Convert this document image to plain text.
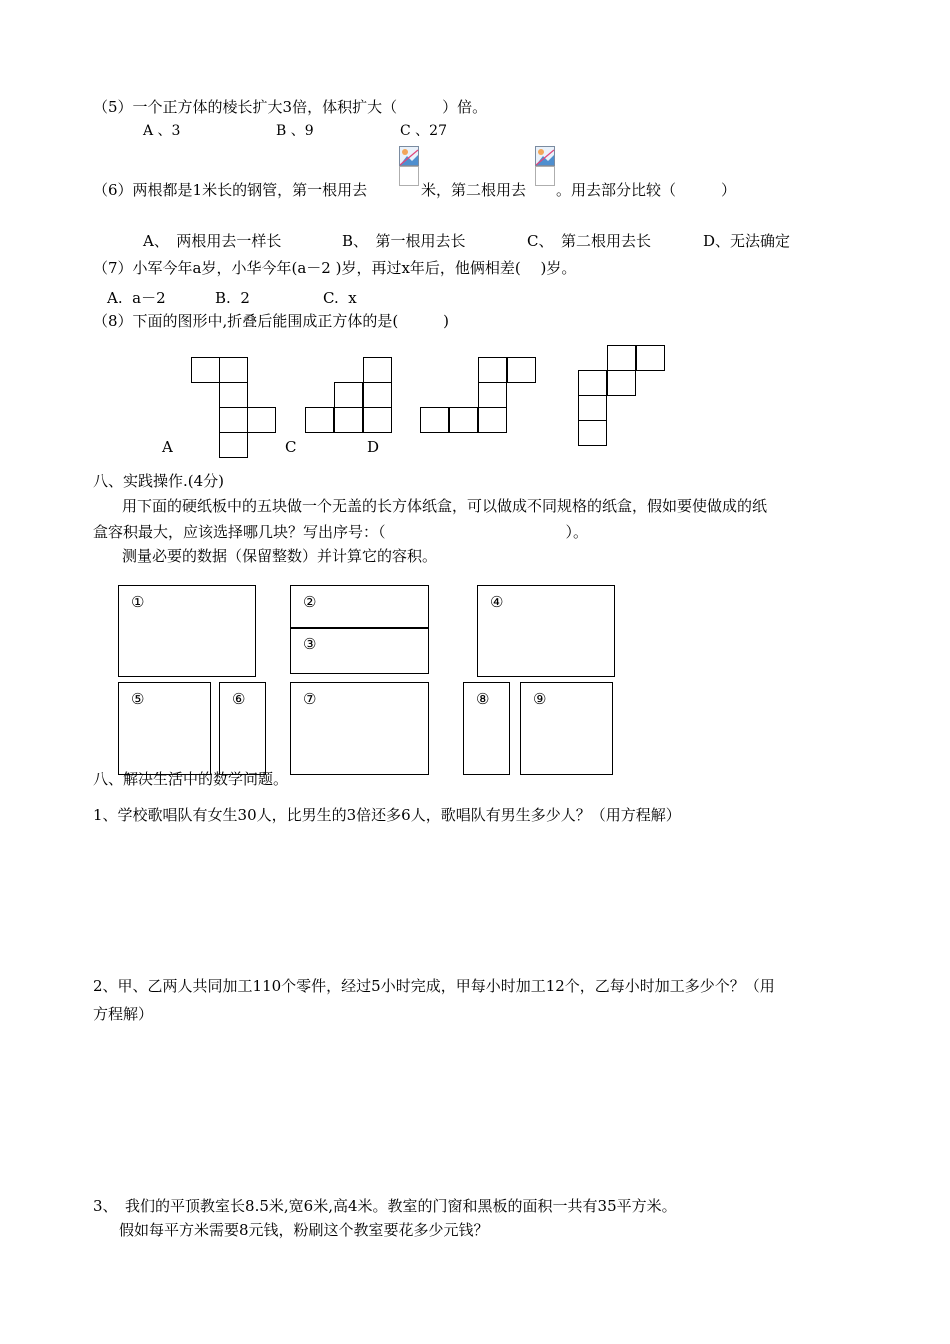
（5）一个正方体的棱长扩大3倍，体积扩大（　　　）倍。
A 、3	B 、9	C 、27
（6）两根都是1米长的钢管，第一根用去	米，第二根用去 。用去部分比较（　　　）
A、　两根用去一样长	B、　第一根用去长	C、　第二根用去长	D、无法确定
（7）小军今年a岁，小华今年(a－2 )岁，再过x年后，他俩相差(　 )岁。
A.  a－2	B.  2	C.  x
（8）下面的图形中,折叠后能围成正方体的是(　　　)
A	C	D
八、实践操作.(4分)
用下面的硬纸板中的五块做一个无盖的长方体纸盒，可以做成不同规格的纸盒，假如要使做成的纸
盒容积最大，应该选择哪几块？写出序号：（　　　　　　　　　　　　）。
测量必要的数据（保留整数）并计算它的容积。
①	②
③
④
⑤	⑥	⑦	⑧	⑨
八、解决生活中的数学问题。
1、学校歌唱队有女生30人，比男生的3倍还多6人，歌唱队有男生多少人？（用方程解）
2、甲、乙两人共同加工110个零件，经过5小时完成，甲每小时加工12个，乙每小时加工多少个？（用
方程解）
3、　我们的平顶教室长8.5米,宽6米,高4米。教室的门窗和黑板的面积一共有35平方米。
假如每平方米需要8元钱，粉刷这个教室要花多少元钱？
